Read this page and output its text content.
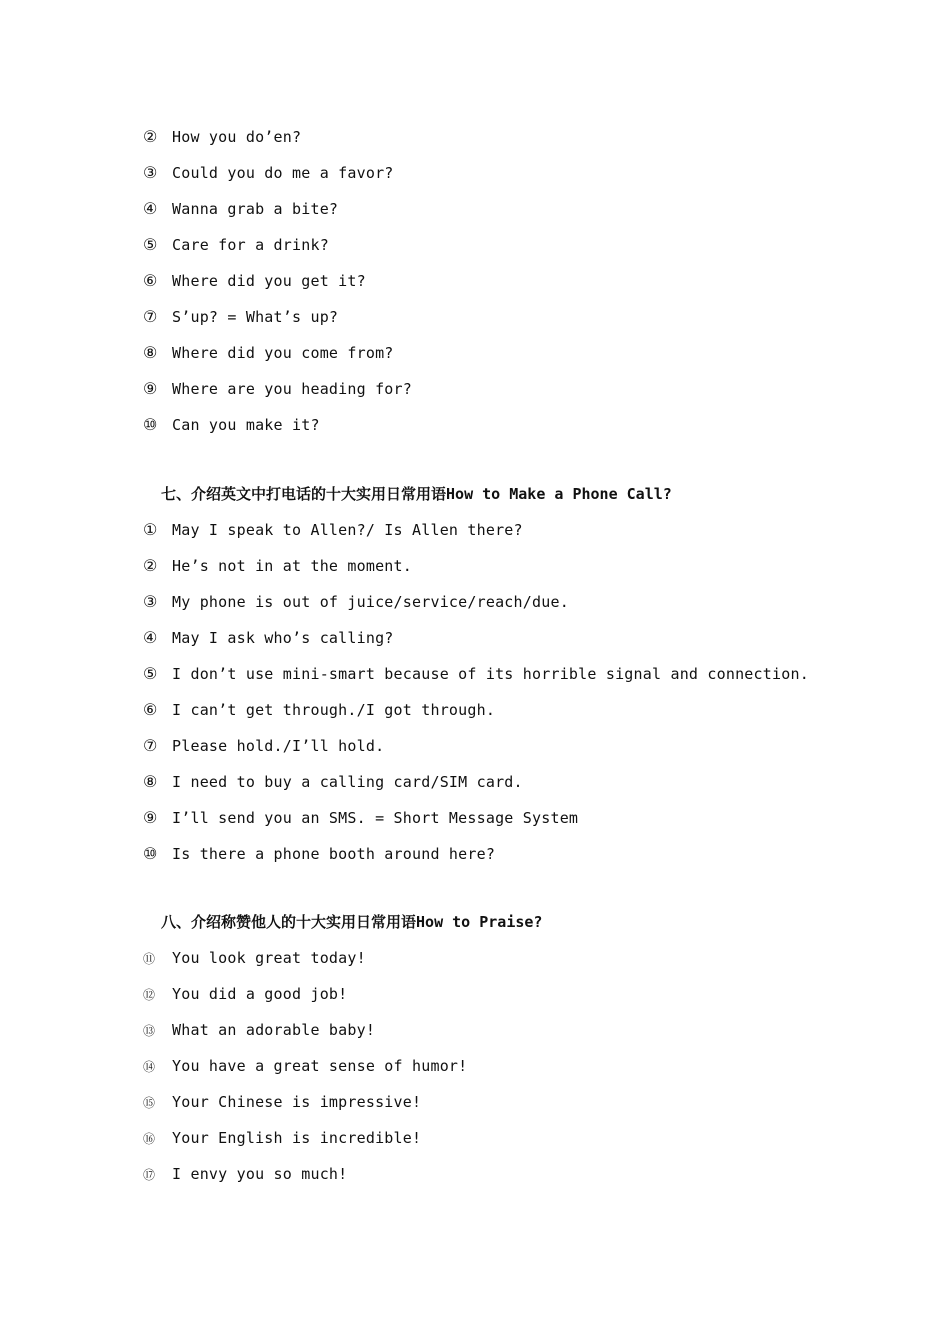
② How you do’en?
③ Could you do me a favor?
④ Wanna grab a bite?
⑤ Care for a drink?
⑥ Where did you get it?
⑦ S’up? = What’s up?
⑧ Where did you come from?
⑨ Where are you heading for?
⑩ Can you make it?
七、介绍英文中打电话的十大实用日常用语How to Make a Phone Call?
① May I speak to Allen?/ Is Allen there?
② He’s not in at the moment.
③ My phone is out of juice/service/reach/due.
④ May I ask who’s calling?
⑤ I don’t use mini-smart because of its horrible signal and connection.
⑥ I can’t get through./I got through.
⑦ Please hold./I’ll hold.
⑧ I need to buy a calling card/SIM card.
⑨ I’ll send you an SMS. = Short Message System
⑩ Is there a phone booth around here?
八、介绍称赞他人的十大实用日常用语How to Praise?
⑪ You look great today!
⑫ You did a good job!
⑬ What an adorable baby!
⑭ You have a great sense of humor!
⑮ Your Chinese is impressive!
⑯ Your English is incredible!
⑰ I envy you so much!
